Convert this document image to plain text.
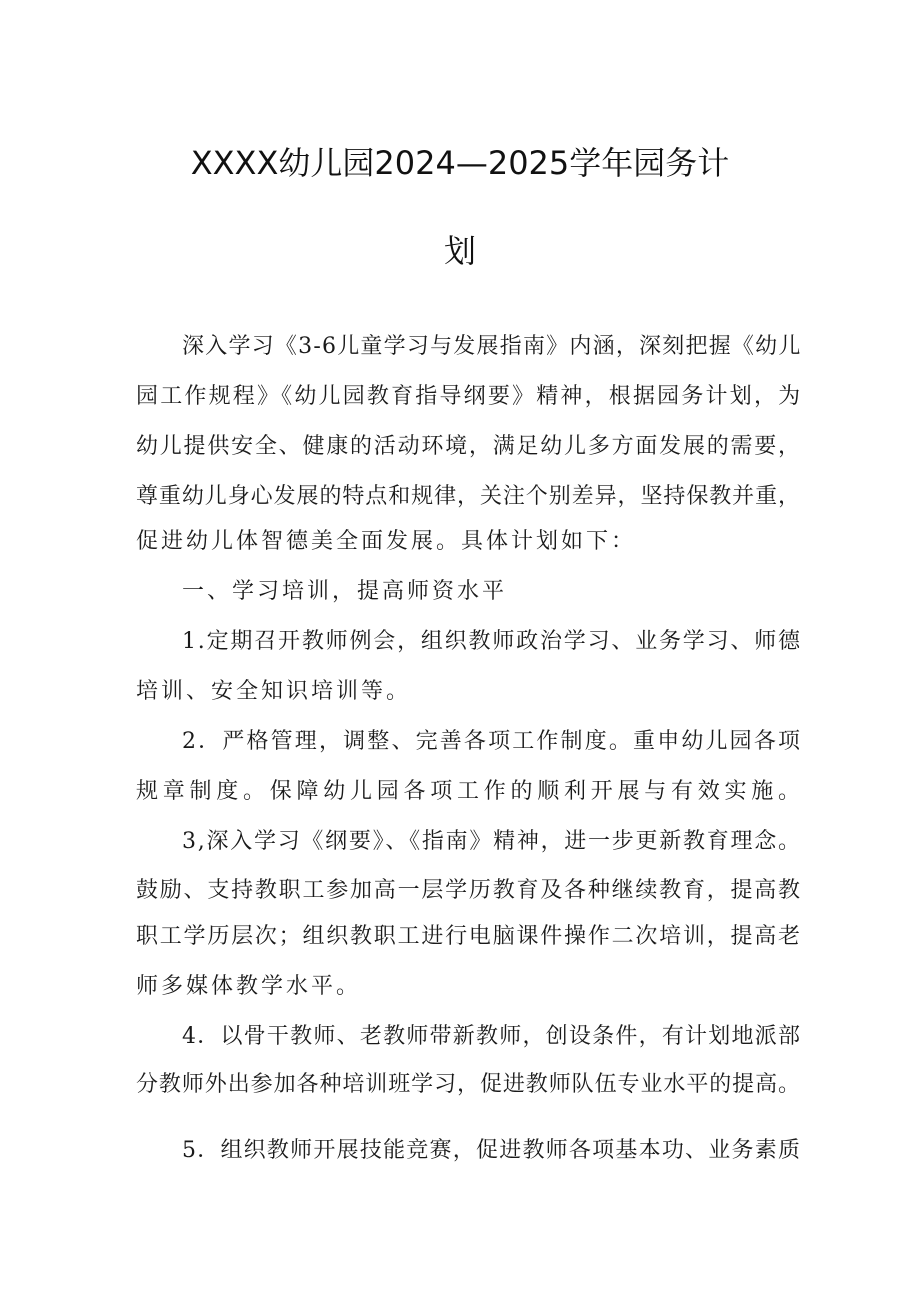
XXXX幼儿园2024—2025学年园务计
划
深入学习《3-6儿童学习与发展指南》内涵，深刻把握《幼儿
园工作规程》《幼儿园教育指导纲要》精神，根据园务计划，为
幼儿提供安全、健康的活动环境，满足幼儿多方面发展的需要，
尊重幼儿身心发展的特点和规律，关注个别差异，坚持保教并重，
促进幼儿体智德美全面发展。具体计划如下：
一、学习培训，提高师资水平
1.定期召开教师例会，组织教师政治学习、业务学习、师德
培训、安全知识培训等。
2．严格管理，调整、完善各项工作制度。重申幼儿园各项
规章制度。保障幼儿园各项工作的顺利开展与有效实施。
3,深入学习《纲要》、《指南》精神，进一步更新教育理念。
鼓励、支持教职工参加高一层学历教育及各种继续教育，提高教
职工学历层次；组织教职工进行电脑课件操作二次培训，提高老
师多媒体教学水平。
4．以骨干教师、老教师带新教师，创设条件，有计划地派部
分教师外出参加各种培训班学习，促进教师队伍专业水平的提高。
5．组织教师开展技能竞赛，促进教师各项基本功、业务素质
